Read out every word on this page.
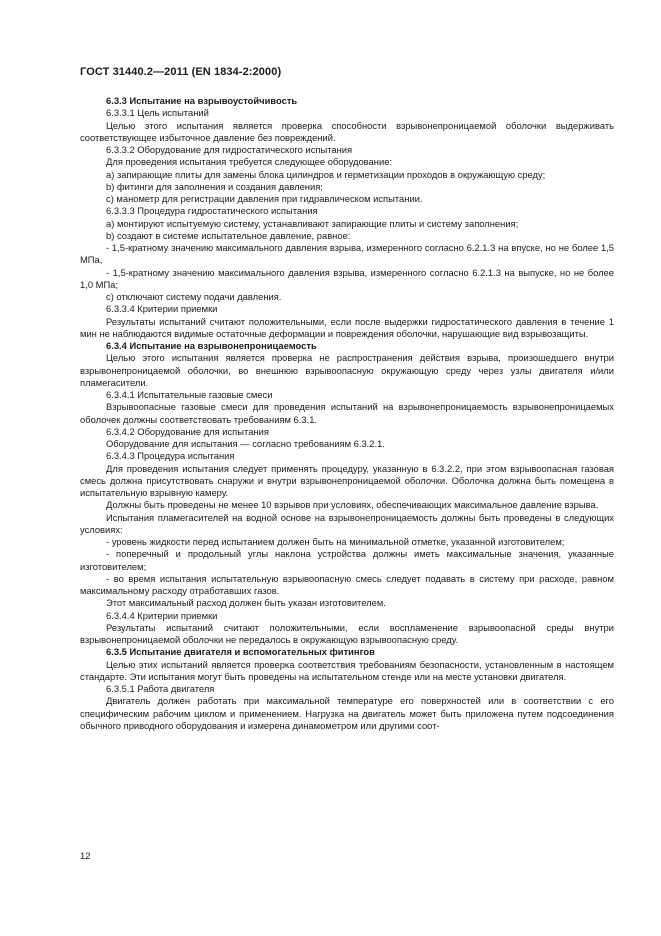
ГОСТ 31440.2—2011 (EN 1834-2:2000)

6.3.3 Испытание на взрывоустойчивость

6.3.3.1 Цель испытаний

Целью этого испытания является проверка способности взрывонепроницаемой оболочки выдерживать соответствующее избыточное давление без повреждений.

6.3.3.2 Оборудование для гидростатического испытания

Для проведения испытания требуется следующее оборудование:

a) запирающие плиты для замены блока цилиндров и герметизации проходов в окружающую среду;

b) фитинги для заполнения и создания давления;

c) манометр для регистрации давления при гидравлическом испытании.

6.3.3.3 Процедура гидростатического испытания

a) монтируют испытуемую систему, устанавливают запирающие плиты и систему заполнения;

b) создают в системе испытательное давление, равное:

- 1,5-кратному значению максимального давления взрыва, измеренного согласно 6.2.1.3 на впуске, но не более 1,5 МПа,

- 1,5-кратному значению максимального давления взрыва, измеренного согласно 6.2.1.3 на выпуске, но не более 1,0 МПа;

c) отключают систему подачи давления.

6.3.3.4 Критерии приемки

Результаты испытаний считают положительными, если после выдержки гидростатического давления в течение 1 мин не наблюдаются видимые остаточные деформации и повреждения оболочки, нарушающие вид взрывозащиты.

6.3.4 Испытание на взрывонепроницаемость

Целью этого испытания является проверка не распространения действия взрыва, произошедшего внутри взрывонепроницаемой оболочки, во внешнюю взрывоопасную окружающую среду через узлы двигателя и/или пламегасители.

6.3.4.1 Испытательные газовые смеси

Взрывоопасные газовые смеси для проведения испытаний на взрывонепроницаемость взрывонепроницаемых оболочек должны соответствовать требованиям 6.3.1.

6.3.4.2 Оборудование для испытания

Оборудование для испытания — согласно требованиям 6.3.2.1.

6.3.4.3 Процедура испытания

Для проведения испытания следует применять процедуру, указанную в 6.3.2.2, при этом взрывоопасная газовая смесь должна присутствовать снаружи и внутри взрывонепроницаемой оболочки. Оболочка должна быть помещена в испытательную взрывную камеру.

Должны быть проведены не менее 10 взрывов при условиях, обеспечивающих максимальное давление взрыва.

Испытания пламегасителей на водной основе на взрывонепроницаемость должны быть проведены в следующих условиях:

- уровень жидкости перед испытанием должен быть на минимальной отметке, указанной изготовителем;

- поперечный и продольный углы наклона устройства должны иметь максимальные значения, указанные изготовителем;

- во время испытания испытательную взрывоопасную смесь следует подавать в систему при расходе, равном максимальному расходу отработавших газов.

Этот максимальный расход должен быть указан изготовителем.

6.3.4.4 Критерии приемки

Результаты испытаний считают положительными, если воспламенение взрывоопасной среды внутри взрывонепроницаемой оболочки не передалось в окружающую взрывоопасную среду.

6.3.5 Испытание двигателя и вспомогательных фитингов

Целью этих испытаний является проверка соответствия требованиям безопасности, установленным в настоящем стандарте. Эти испытания могут быть проведены на испытательном стенде или на месте установки двигателя.

6.3.5.1 Работа двигателя

Двигатель должен работать при максимальной температуре его поверхностей или в соответствии с его специфическим рабочим циклом и применением. Нагрузка на двигатель может быть приложена путем подсоединения обычного приводного оборудования и измерена динамометром или другими соот-

12
